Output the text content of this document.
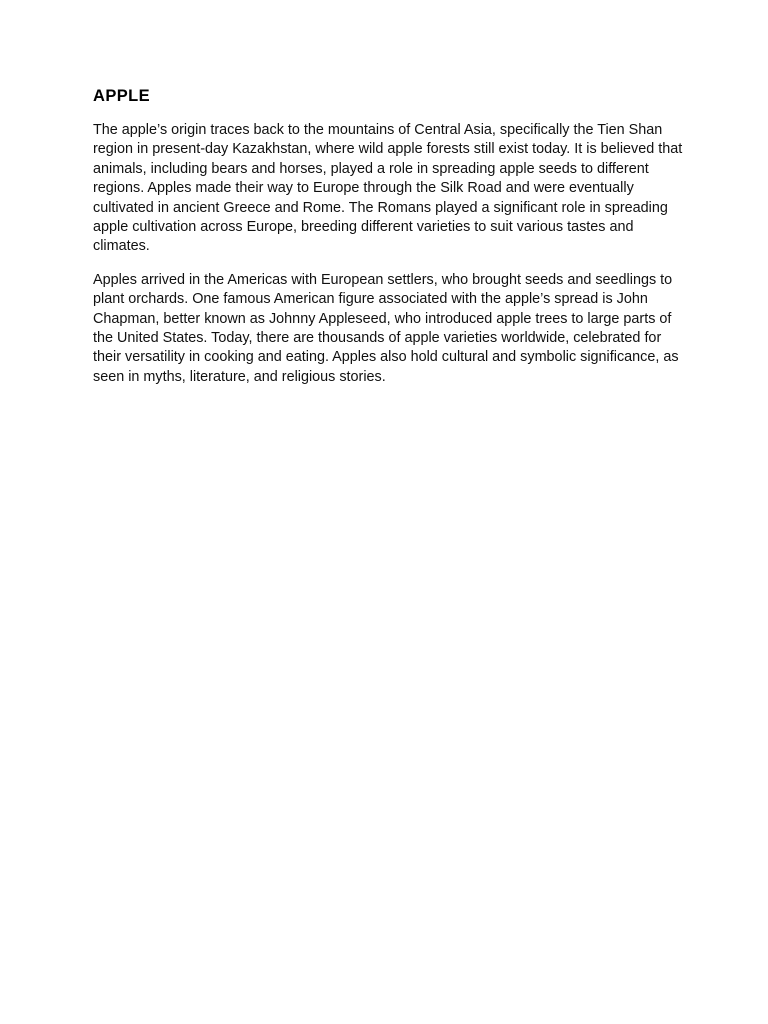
APPLE

The apple’s origin traces back to the mountains of Central Asia, specifically the Tien Shan region in present-day Kazakhstan, where wild apple forests still exist today. It is believed that animals, including bears and horses, played a role in spreading apple seeds to different regions. Apples made their way to Europe through the Silk Road and were eventually cultivated in ancient Greece and Rome. The Romans played a significant role in spreading apple cultivation across Europe, breeding different varieties to suit various tastes and climates.

Apples arrived in the Americas with European settlers, who brought seeds and seedlings to plant orchards. One famous American figure associated with the apple’s spread is John Chapman, better known as Johnny Appleseed, who introduced apple trees to large parts of the United States. Today, there are thousands of apple varieties worldwide, celebrated for their versatility in cooking and eating. Apples also hold cultural and symbolic significance, as seen in myths, literature, and religious stories.
